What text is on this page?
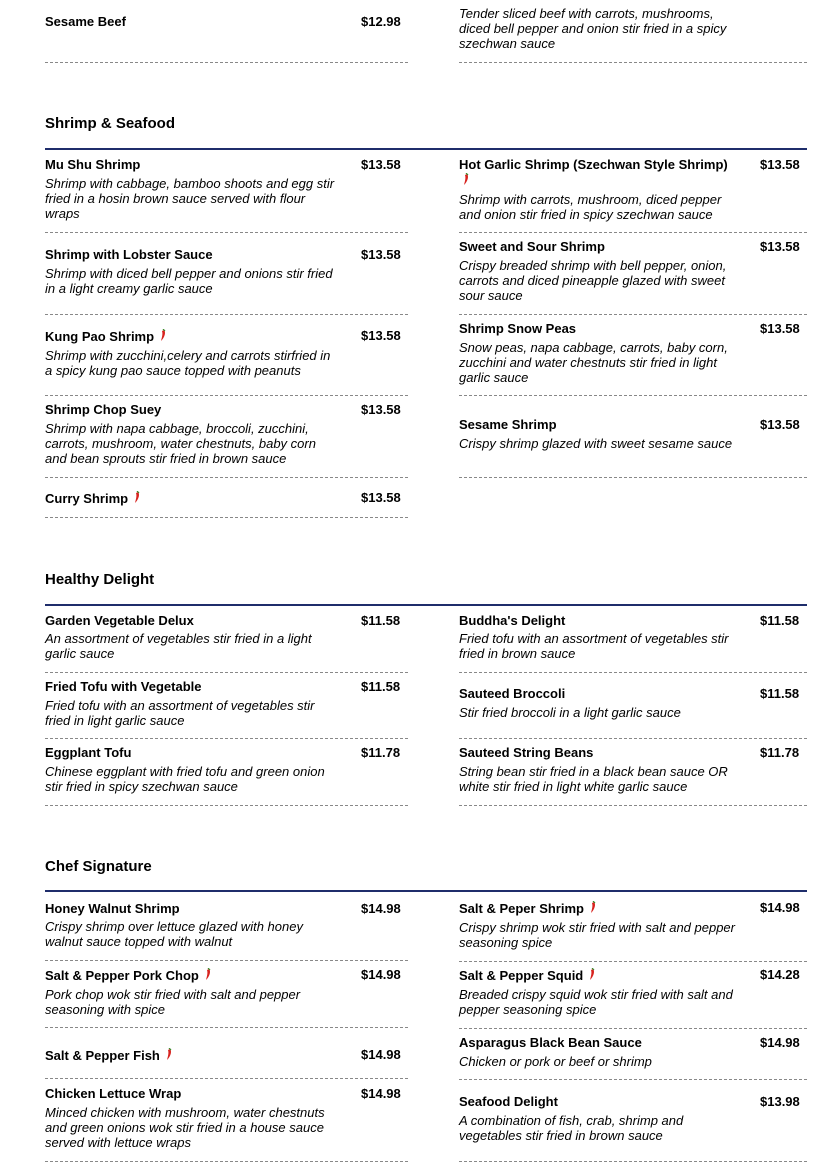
Sesame Beef	$12.98
Tender sliced beef with carrots, mushrooms, diced bell pepper and onion stir fried in a spicy szechwan sauce
Shrimp & Seafood
Mu Shu Shrimp	$13.58
Shrimp with cabbage, bamboo shoots and egg stir fried in a hosin brown sauce served with flour wraps
Shrimp with Lobster Sauce	$13.58
Shrimp with diced bell pepper and onions stir fried in a light creamy garlic sauce
Kung Pao Shrimp	$13.58
Shrimp with zucchini,celery and carrots stirfried in a spicy kung pao sauce topped with peanuts
Shrimp Chop Suey	$13.58
Shrimp with napa cabbage, broccoli, zucchini, carrots, mushroom, water chestnuts, baby corn and bean sprouts stir fried in brown sauce
Curry Shrimp	$13.58
Hot Garlic Shrimp (Szechwan Style Shrimp) $13.58
Shrimp with carrots, mushroom, diced pepper and onion stir fried in spicy szechwan sauce
Sweet and Sour Shrimp	$13.58
Crispy breaded shrimp with bell pepper, onion, carrots and diced pineapple glazed with sweet sour sauce
Shrimp Snow Peas	$13.58
Snow peas, napa cabbage, carrots, baby corn, zucchini and water chestnuts stir fried in light garlic sauce
Sesame Shrimp	$13.58
Crispy shrimp glazed with sweet sesame sauce
Healthy Delight
Garden Vegetable Delux	$11.58
An assortment of vegetables stir fried in a light garlic sauce
Fried Tofu with Vegetable	$11.58
Fried tofu with an assortment of vegetables stir fried in light garlic sauce
Eggplant Tofu	$11.78
Chinese eggplant with fried tofu and green onion stir fried in spicy szechwan sauce
Buddha's Delight	$11.58
Fried tofu with an assortment of vegetables stir fried in brown sauce
Sauteed Broccoli	$11.58
Stir fried broccoli in a light garlic sauce
Sauteed String Beans	$11.78
String bean stir fried in a black bean sauce OR white stir fried in light white garlic sauce
Chef Signature
Honey Walnut Shrimp	$14.98
Crispy shrimp over lettuce glazed with honey walnut sauce topped with walnut
Salt & Pepper Pork Chop	$14.98
Pork chop wok stir fried with salt and pepper seasoning with spice
Salt & Pepper Fish	$14.98
Chicken Lettuce Wrap	$14.98
Minced chicken with mushroom, water chestnuts and green onions wok stir fried in a house sauce served with lettuce wraps
Salt & Peper Shrimp	$14.98
Crispy shrimp wok stir fried with salt and pepper seasoning spice
Salt & Pepper Squid	$14.28
Breaded crispy squid wok stir fried with salt and pepper seasoning spice
Asparagus Black Bean Sauce	$14.98
Chicken or pork or beef or shrimp
Seafood Delight	$13.98
A combination of fish, crab, shrimp and vegetables stir fried in brown sauce
